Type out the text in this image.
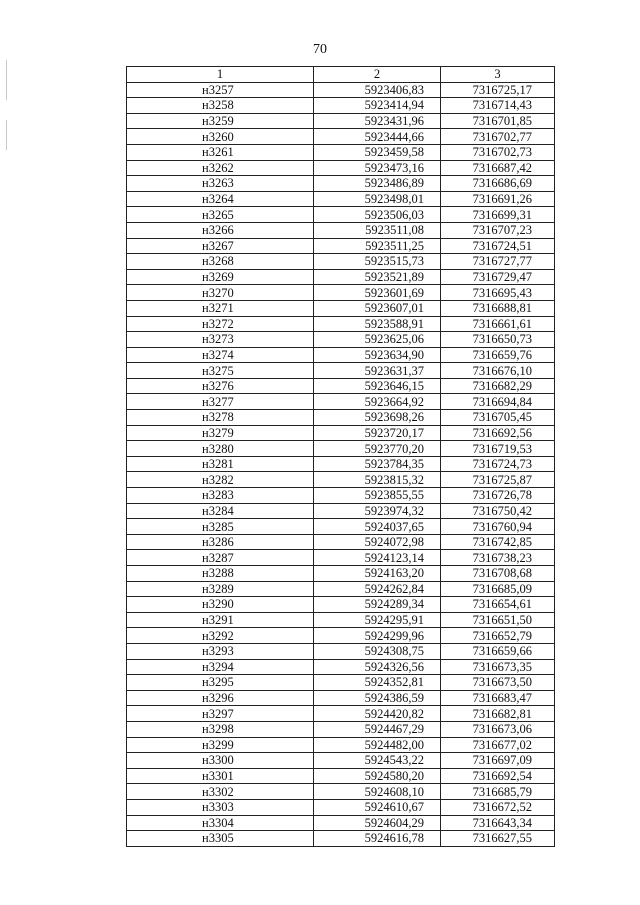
70
1	2	3
н3257	5923406,83	7316725,17
н3258	5923414,94	7316714,43
н3259	5923431,96	7316701,85
н3260	5923444,66	7316702,77
н3261	5923459,58	7316702,73
н3262	5923473,16	7316687,42
н3263	5923486,89	7316686,69
н3264	5923498,01	7316691,26
н3265	5923506,03	7316699,31
н3266	5923511,08	7316707,23
н3267	5923511,25	7316724,51
н3268	5923515,73	7316727,77
н3269	5923521,89	7316729,47
н3270	5923601,69	7316695,43
н3271	5923607,01	7316688,81
н3272	5923588,91	7316661,61
н3273	5923625,06	7316650,73
н3274	5923634,90	7316659,76
н3275	5923631,37	7316676,10
н3276	5923646,15	7316682,29
н3277	5923664,92	7316694,84
н3278	5923698,26	7316705,45
н3279	5923720,17	7316692,56
н3280	5923770,20	7316719,53
н3281	5923784,35	7316724,73
н3282	5923815,32	7316725,87
н3283	5923855,55	7316726,78
н3284	5923974,32	7316750,42
н3285	5924037,65	7316760,94
н3286	5924072,98	7316742,85
н3287	5924123,14	7316738,23
н3288	5924163,20	7316708,68
н3289	5924262,84	7316685,09
н3290	5924289,34	7316654,61
н3291	5924295,91	7316651,50
н3292	5924299,96	7316652,79
н3293	5924308,75	7316659,66
н3294	5924326,56	7316673,35
н3295	5924352,81	7316673,50
н3296	5924386,59	7316683,47
н3297	5924420,82	7316682,81
н3298	5924467,29	7316673,06
н3299	5924482,00	7316677,02
н3300	5924543,22	7316697,09
н3301	5924580,20	7316692,54
н3302	5924608,10	7316685,79
н3303	5924610,67	7316672,52
н3304	5924604,29	7316643,34
н3305	5924616,78	7316627,55
